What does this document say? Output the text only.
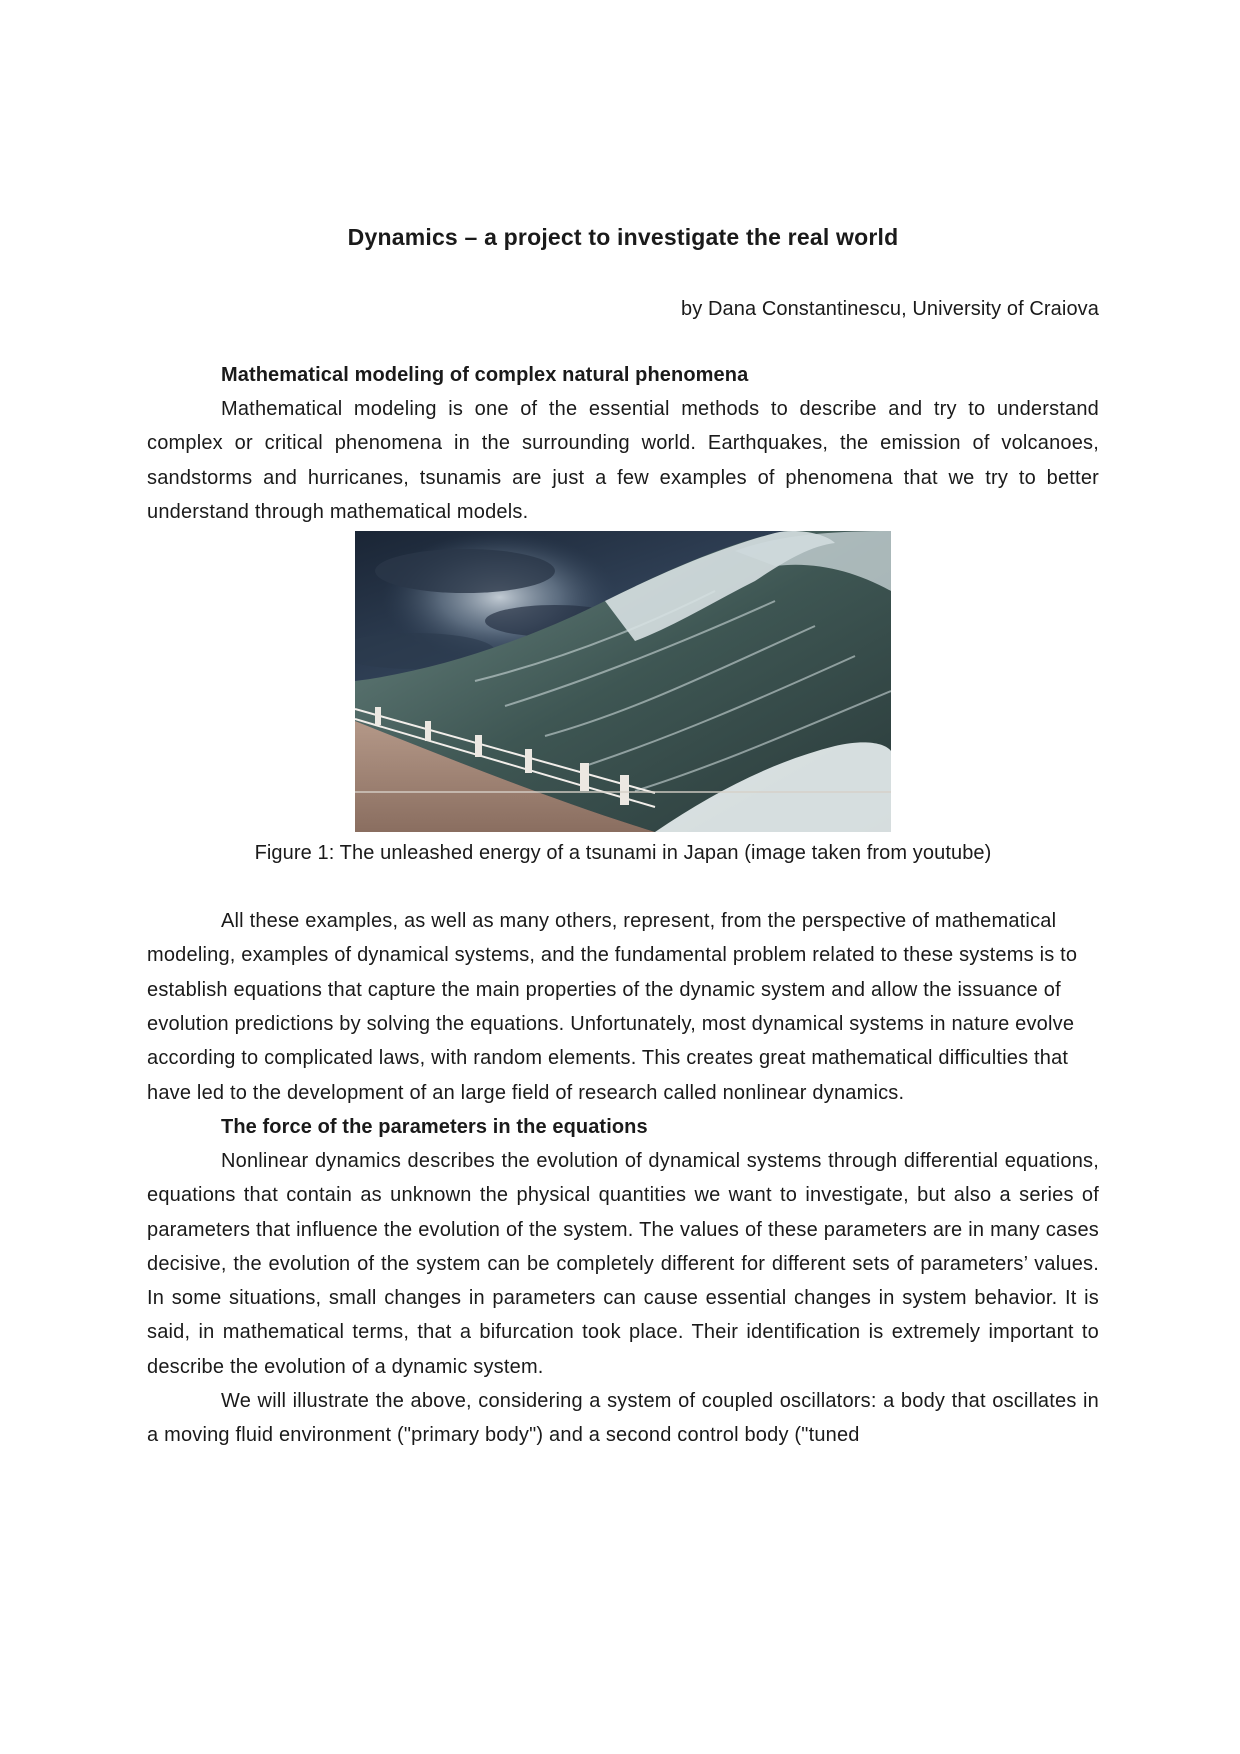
Dynamics – a project to investigate the real world

by Dana Constantinescu, University of Craiova

Mathematical modeling of complex natural phenomena

Mathematical modeling is one of the essential methods to describe and try to understand complex or critical phenomena in the surrounding world. Earthquakes, the emission of volcanoes, sandstorms and hurricanes, tsunamis are just a few examples of phenomena that we try to better understand through mathematical models.

Figure 1: The unleashed energy of a tsunami in Japan (image taken from youtube)

All these examples, as well as many others, represent, from the perspective of mathematical modeling, examples of dynamical systems, and the fundamental problem related to these systems is to establish equations that capture the main properties of the dynamic system and allow the issuance of evolution predictions by solving the equations. Unfortunately, most dynamical systems in nature evolve according to complicated laws, with random elements. This creates great mathematical difficulties that have led to the development of an large field of research called nonlinear dynamics.

The force of the parameters in the equations

Nonlinear dynamics describes the evolution of dynamical systems through differential equations, equations that contain as unknown the physical quantities we want to investigate, but also a series of parameters that influence the evolution of the system. The values of these parameters are in many cases decisive, the evolution of the system can be completely different for different sets of parameters’ values. In some situations, small changes in parameters can cause essential changes in system behavior. It is said, in mathematical terms, that a bifurcation took place. Their identification is extremely important to describe the evolution of a dynamic system.

We will illustrate the above, considering a system of coupled oscillators: a body that oscillates in a moving fluid environment ("primary body") and a second control body ("tuned
